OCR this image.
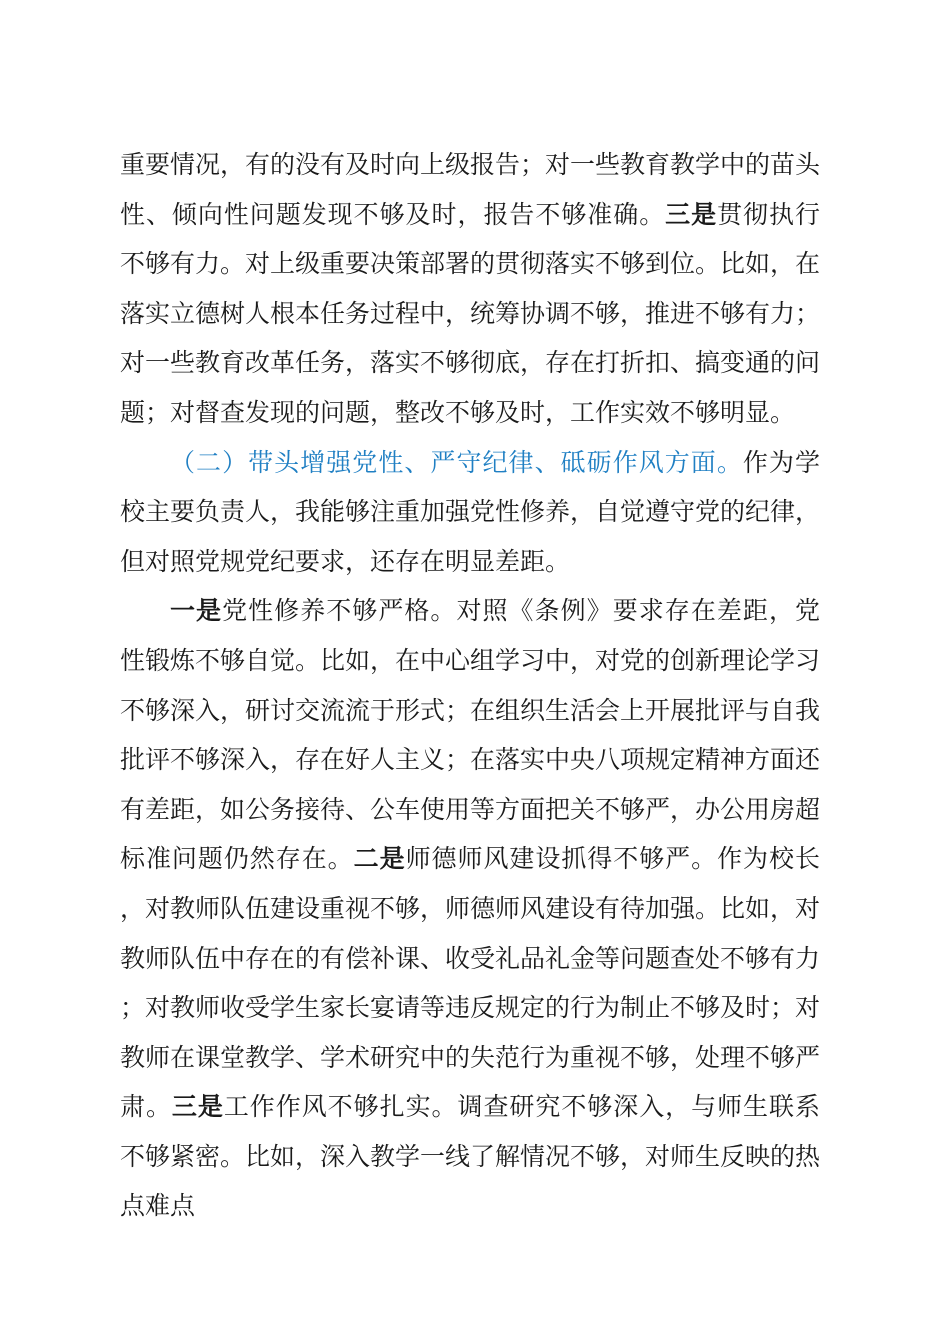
重要情况，有的没有及时向上级报告；对一些教育教学中的苗头性、倾向性问题发现不够及时，报告不够准确。三是贯彻执行不够有力。对上级重要决策部署的贯彻落实不够到位。比如，在落实立德树人根本任务过程中，统筹协调不够，推进不够有力；对一些教育改革任务，落实不够彻底，存在打折扣、搞变通的问题；对督查发现的问题，整改不够及时，工作实效不够明显。

（二）带头增强党性、严守纪律、砥砺作风方面。作为学校主要负责人，我能够注重加强党性修养，自觉遵守党的纪律，但对照党规党纪要求，还存在明显差距。

一是党性修养不够严格。对照《条例》要求存在差距，党性锻炼不够自觉。比如，在中心组学习中，对党的创新理论学习不够深入，研讨交流流于形式；在组织生活会上开展批评与自我批评不够深入，存在好人主义；在落实中央八项规定精神方面还有差距，如公务接待、公车使用等方面把关不够严，办公用房超标准问题仍然存在。二是师德师风建设抓得不够严。作为校长，对教师队伍建设重视不够，师德师风建设有待加强。比如，对教师队伍中存在的有偿补课、收受礼品礼金等问题查处不够有力；对教师收受学生家长宴请等违反规定的行为制止不够及时；对教师在课堂教学、学术研究中的失范行为重视不够，处理不够严肃。三是工作作风不够扎实。调查研究不够深入，与师生联系不够紧密。比如，深入教学一线了解情况不够，对师生反映的热点难点
